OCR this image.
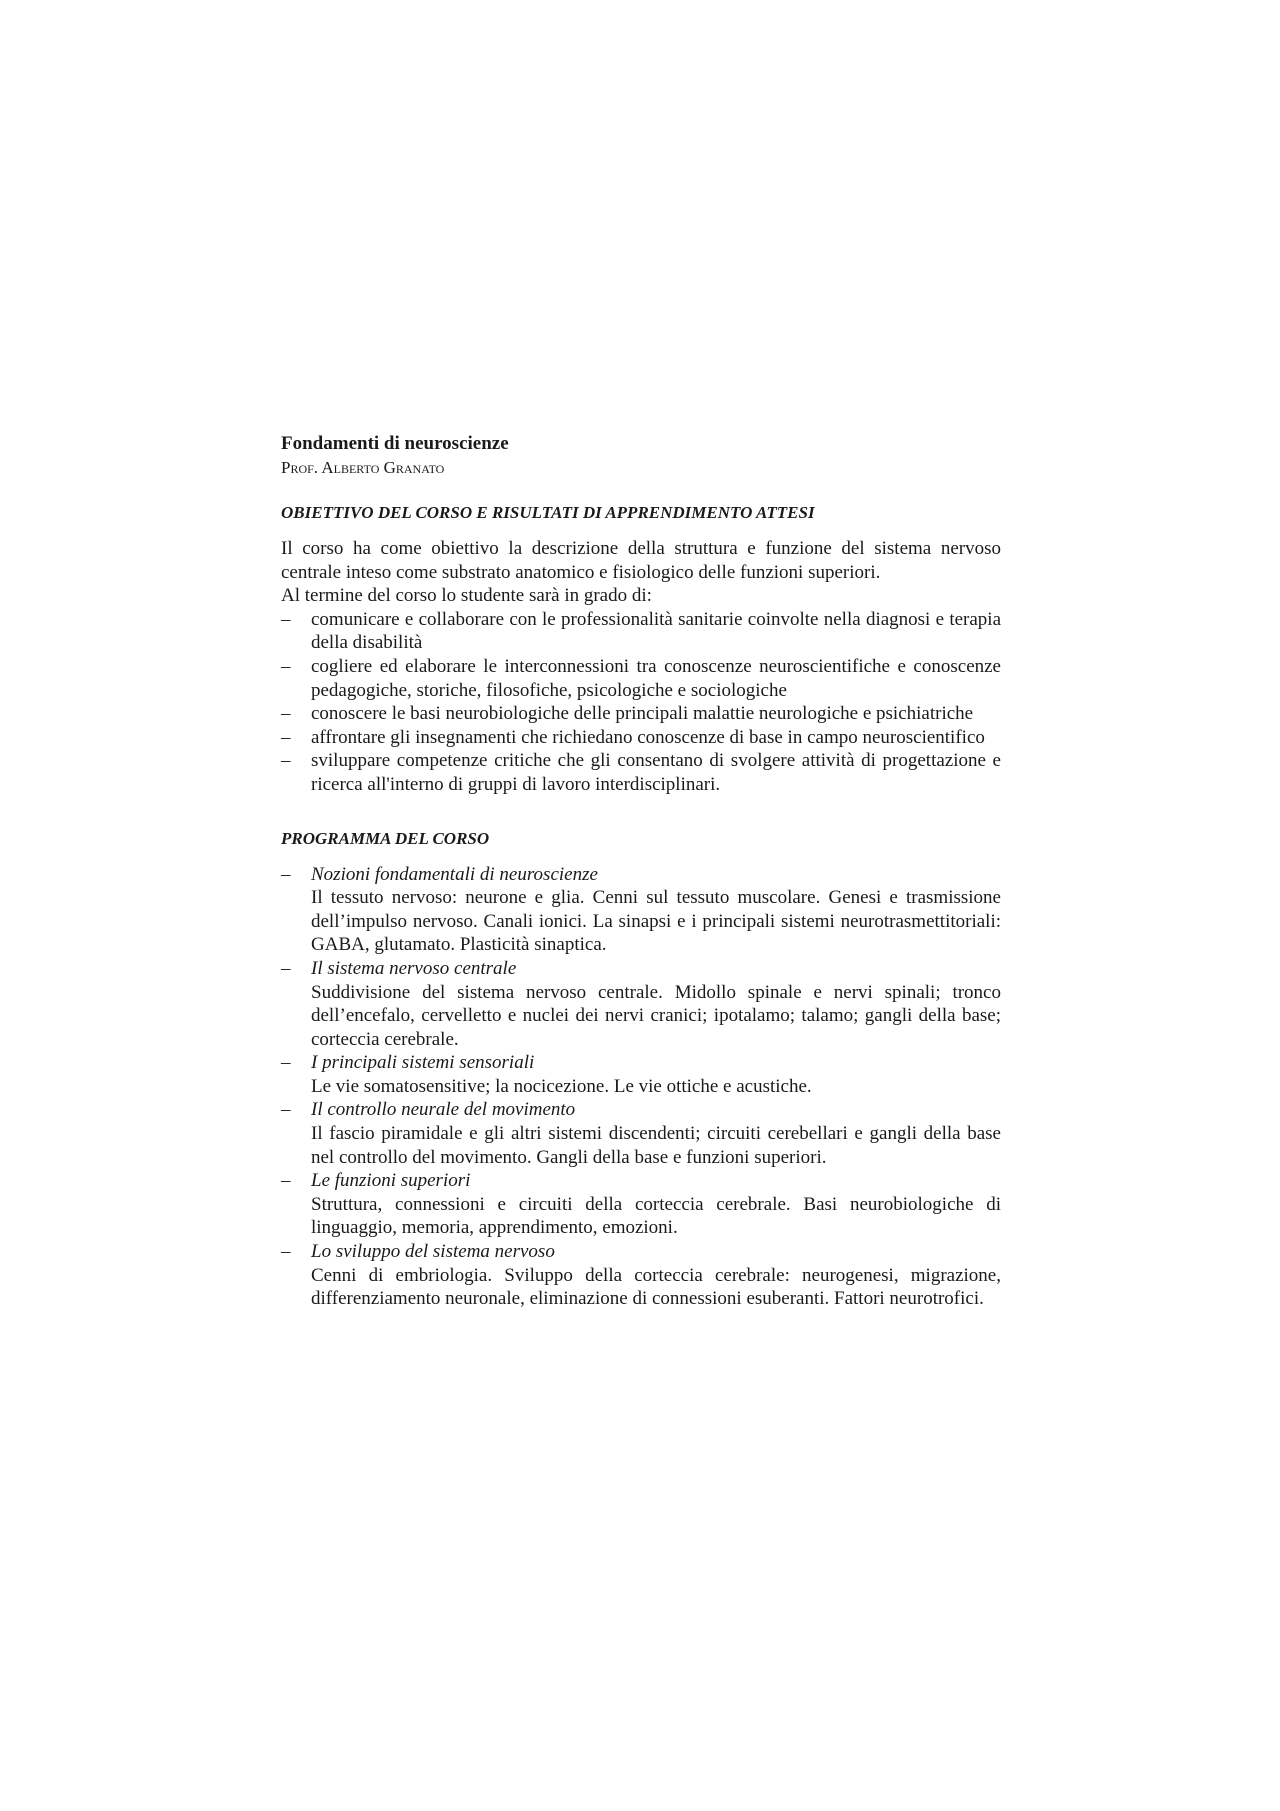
Fondamenti di neuroscienze

Prof. Alberto Granato

OBIETTIVO DEL CORSO E RISULTATI DI APPRENDIMENTO ATTESI

Il corso ha come obiettivo la descrizione della struttura e funzione del sistema nervoso centrale inteso come substrato anatomico e fisiologico delle funzioni superiori.

Al termine del corso lo studente sarà in grado di:

– comunicare e collaborare con le professionalità sanitarie coinvolte nella diagnosi e terapia della disabilità
– cogliere ed elaborare le interconnessioni tra conoscenze neuroscientifiche e conoscenze pedagogiche, storiche, filosofiche, psicologiche e sociologiche
– conoscere le basi neurobiologiche delle principali malattie neurologiche e psichiatriche
– affrontare gli insegnamenti che richiedano conoscenze di base in campo neuroscientifico
– sviluppare competenze critiche che gli consentano di svolgere attività di progettazione e ricerca all'interno di gruppi di lavoro interdisciplinari.
PROGRAMMA DEL CORSO
– Nozioni fondamentali di neuroscienze
Il tessuto nervoso: neurone e glia. Cenni sul tessuto muscolare. Genesi e trasmissione dell’impulso nervoso. Canali ionici. La sinapsi e i principali sistemi neurotrasmettitoriali: GABA, glutamato. Plasticità sinaptica.
– Il sistema nervoso centrale
Suddivisione del sistema nervoso centrale. Midollo spinale e nervi spinali; tronco dell’encefalo, cervelletto e nuclei dei nervi cranici; ipotalamo; talamo; gangli della base; corteccia cerebrale.
– I principali sistemi sensoriali
Le vie somatosensitive; la nocicezione. Le vie ottiche e acustiche.
– Il controllo neurale del movimento
Il fascio piramidale e gli altri sistemi discendenti; circuiti cerebellari e gangli della base nel controllo del movimento. Gangli della base e funzioni superiori.
– Le funzioni superiori
Struttura, connessioni e circuiti della corteccia cerebrale. Basi neurobiologiche di linguaggio, memoria, apprendimento, emozioni.
– Lo sviluppo del sistema nervoso
Cenni di embriologia. Sviluppo della corteccia cerebrale: neurogenesi, migrazione, differenziamento neuronale, eliminazione di connessioni esuberanti. Fattori neurotrofici.
